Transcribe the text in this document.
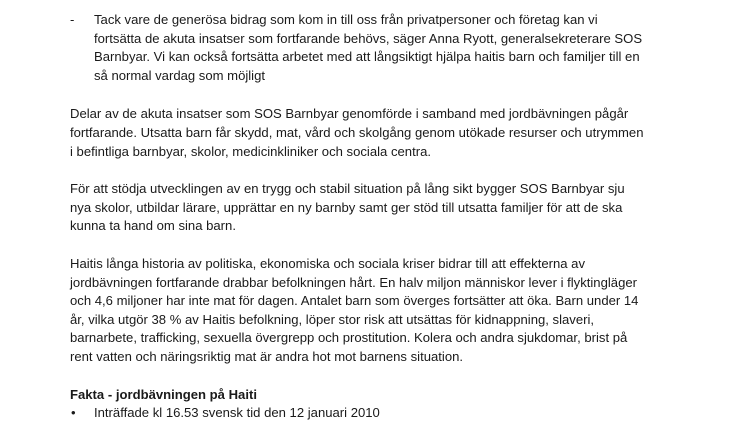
- Tack vare de generösa bidrag som kom in till oss från privatpersoner och företag kan vi
fortsätta de akuta insatser som fortfarande behövs, säger Anna Ryott, generalsekreterare SOS
Barnbyar. Vi kan också fortsätta arbetet med att långsiktigt hjälpa haitis barn och familjer till en
så normal vardag som möjligt
Delar av de akuta insatser som SOS Barnbyar genomförde i samband med jordbävningen pågår
fortfarande. Utsatta barn får skydd, mat, vård och skolgång genom utökade resurser och utrymmen
i befintliga barnbyar, skolor, medicinkliniker och sociala centra.
För att stödja utvecklingen av en trygg och stabil situation på lång sikt bygger SOS Barnbyar sju
nya skolor, utbildar lärare, upprättar en ny barnby samt ger stöd till utsatta familjer för att de ska
kunna ta hand om sina barn.
Haitis långa historia av politiska, ekonomiska och sociala kriser bidrar till att effekterna av
jordbävningen fortfarande drabbar befolkningen hårt. En halv miljon människor lever i flyktingläger
och 4,6 miljoner har inte mat för dagen. Antalet barn som överges fortsätter att öka. Barn under 14
år, vilka utgör 38 % av Haitis befolkning, löper stor risk att utsättas för kidnappning, slaveri,
barnarbete, trafficking, sexuella övergrepp och prostitution. Kolera och andra sjukdomar, brist på
rent vatten och näringsriktig mat är andra hot mot barnens situation.
Fakta - jordbävningen på Haiti
• Inträffade kl 16.53 svensk tid den 12 januari 2010
